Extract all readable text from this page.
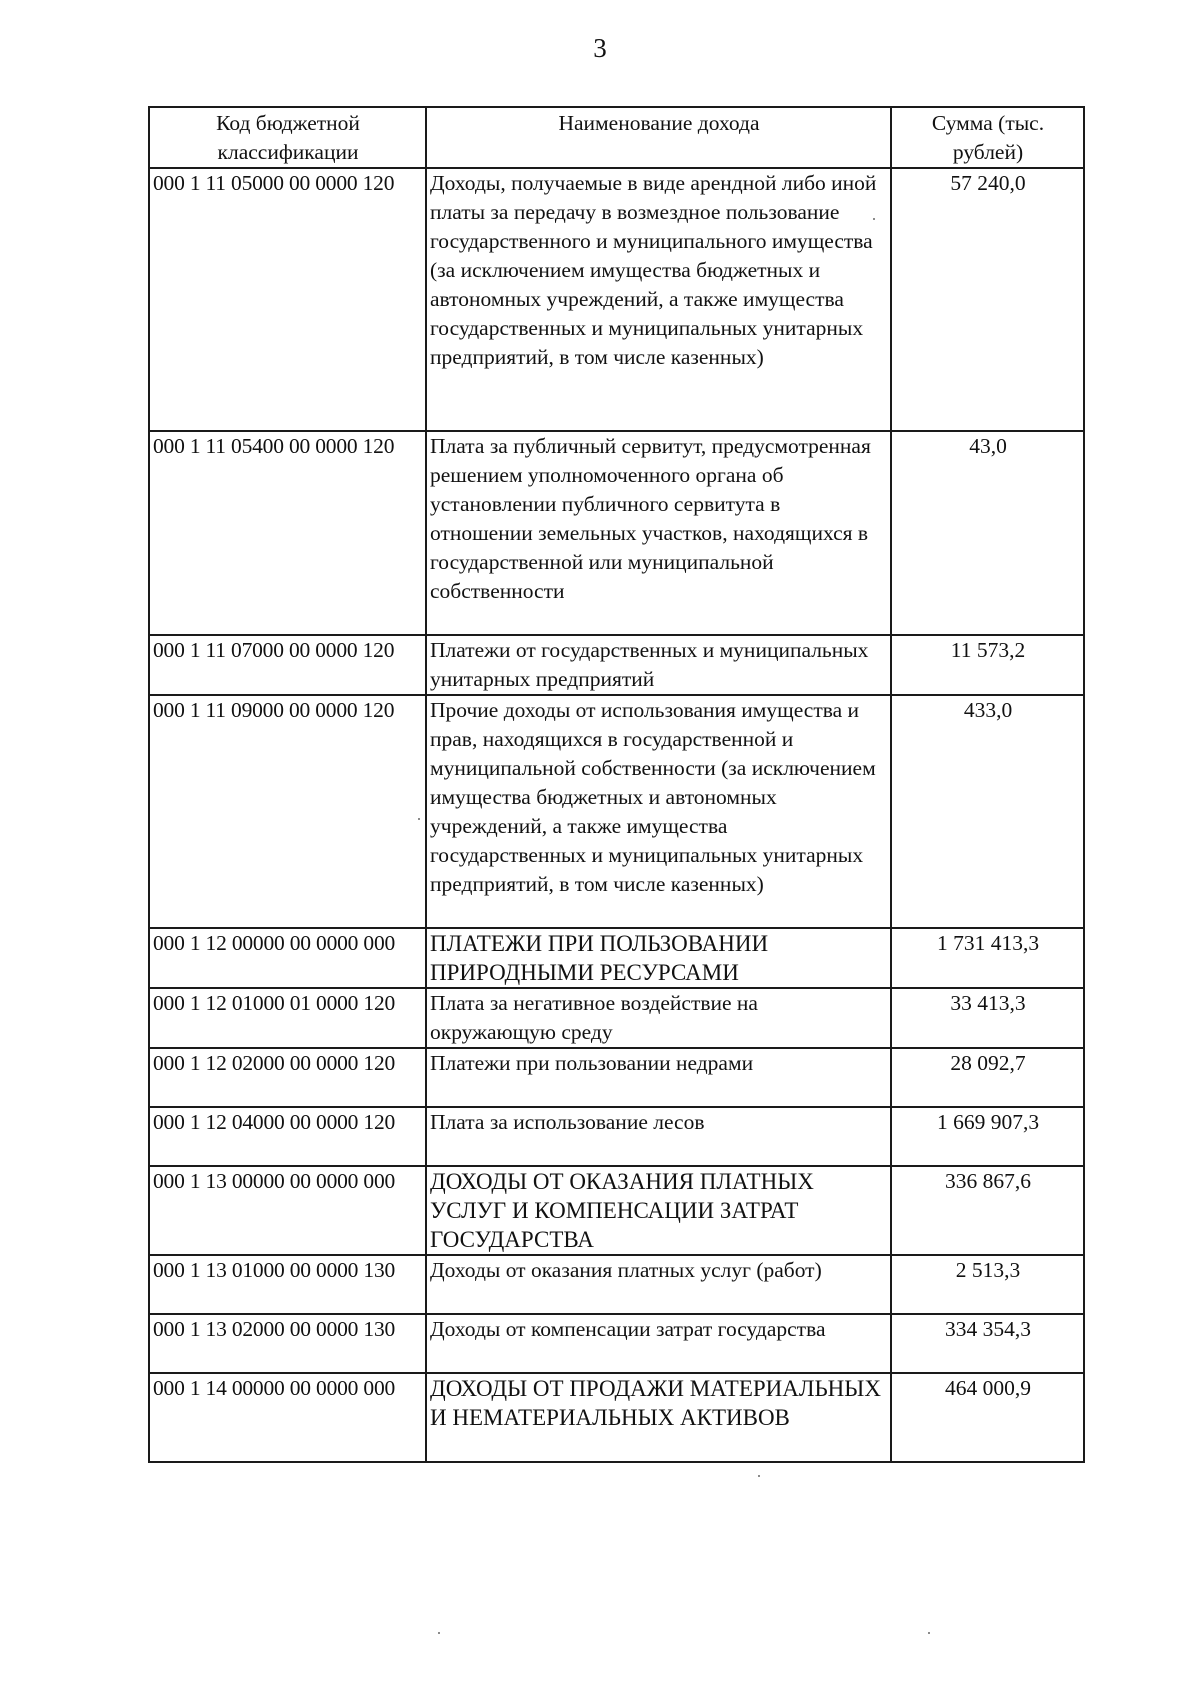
3
Код бюджетной классификации	Наименование дохода	Сумма (тыс. рублей)
000 1 11 05000 00 0000 120	Доходы, получаемые в виде арендной либо иной платы за передачу в возмездное пользование государственного и муниципального имущества (за исключением имущества бюджетных и автономных учреждений, а также имущества государственных и муниципальных унитарных предприятий, в том числе казенных)	57 240,0
000 1 11 05400 00 0000 120	Плата за публичный сервитут, предусмотренная решением уполномоченного органа об установлении публичного сервитута в отношении земельных участков, находящихся в государственной или муниципальной собственности	43,0
000 1 11 07000 00 0000 120	Платежи от государственных и муниципальных унитарных предприятий	11 573,2
000 1 11 09000 00 0000 120	Прочие доходы от использования имущества и прав, находящихся в государственной и муниципальной собственности (за исключением имущества бюджетных и автономных учреждений, а также имущества государственных и муниципальных унитарных предприятий, в том числе казенных)	433,0
000 1 12 00000 00 0000 000	ПЛАТЕЖИ ПРИ ПОЛЬЗОВАНИИ ПРИРОДНЫМИ РЕСУРСАМИ	1 731 413,3
000 1 12 01000 01 0000 120	Плата за негативное воздействие на окружающую среду	33 413,3
000 1 12 02000 00 0000 120	Платежи при пользовании недрами	28 092,7
000 1 12 04000 00 0000 120	Плата за использование лесов	1 669 907,3
000 1 13 00000 00 0000 000	ДОХОДЫ ОТ ОКАЗАНИЯ ПЛАТНЫХ УСЛУГ И КОМПЕНСАЦИИ ЗАТРАТ ГОСУДАРСТВА	336 867,6
000 1 13 01000 00 0000 130	Доходы от оказания платных услуг (работ)	2 513,3
000 1 13 02000 00 0000 130	Доходы от компенсации затрат государства	334 354,3
000 1 14 00000 00 0000 000	ДОХОДЫ ОТ ПРОДАЖИ МАТЕРИАЛЬНЫХ И НЕМАТЕРИАЛЬНЫХ АКТИВОВ	464 000,9
